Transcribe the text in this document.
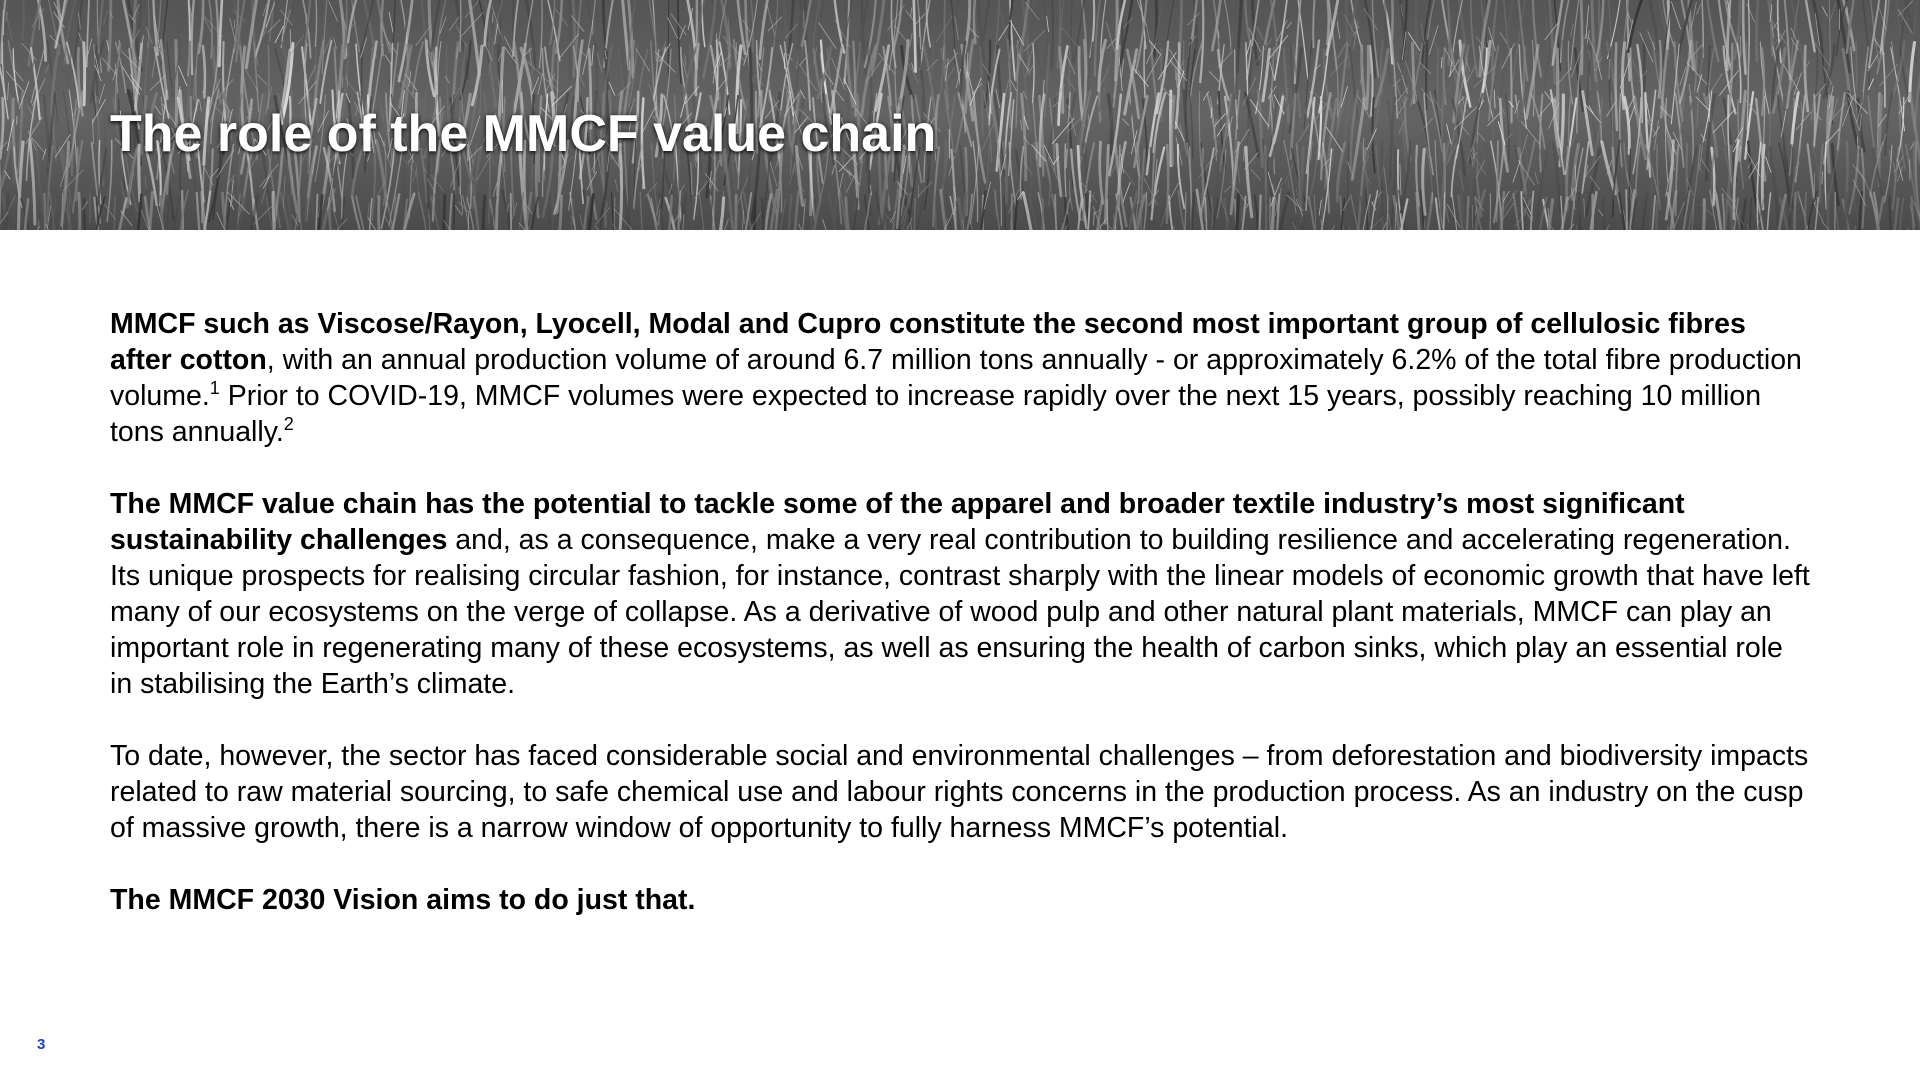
The role of the MMCF value chain

MMCF such as Viscose/Rayon, Lyocell, Modal and Cupro constitute the second most important group of cellulosic fibres after cotton, with an annual production volume of around 6.7 million tons annually - or approximately 6.2% of the total fibre production volume.$^1$ Prior to COVID-19, MMCF volumes were expected to increase rapidly over the next 15 years, possibly reaching 10 million tons annually.$^2$

The MMCF value chain has the potential to tackle some of the apparel and broader textile industry’s most significant sustainability challenges and, as a consequence, make a very real contribution to building resilience and accelerating regeneration. Its unique prospects for realising circular fashion, for instance, contrast sharply with the linear models of economic growth that have left many of our ecosystems on the verge of collapse. As a derivative of wood pulp and other natural plant materials, MMCF can play an important role in regenerating many of these ecosystems, as well as ensuring the health of carbon sinks, which play an essential role in stabilising the Earth’s climate.

To date, however, the sector has faced considerable social and environmental challenges – from deforestation and biodiversity impacts related to raw material sourcing, to safe chemical use and labour rights concerns in the production process. As an industry on the cusp of massive growth, there is a narrow window of opportunity to fully harness MMCF’s potential.

The MMCF 2030 Vision aims to do just that.

3
